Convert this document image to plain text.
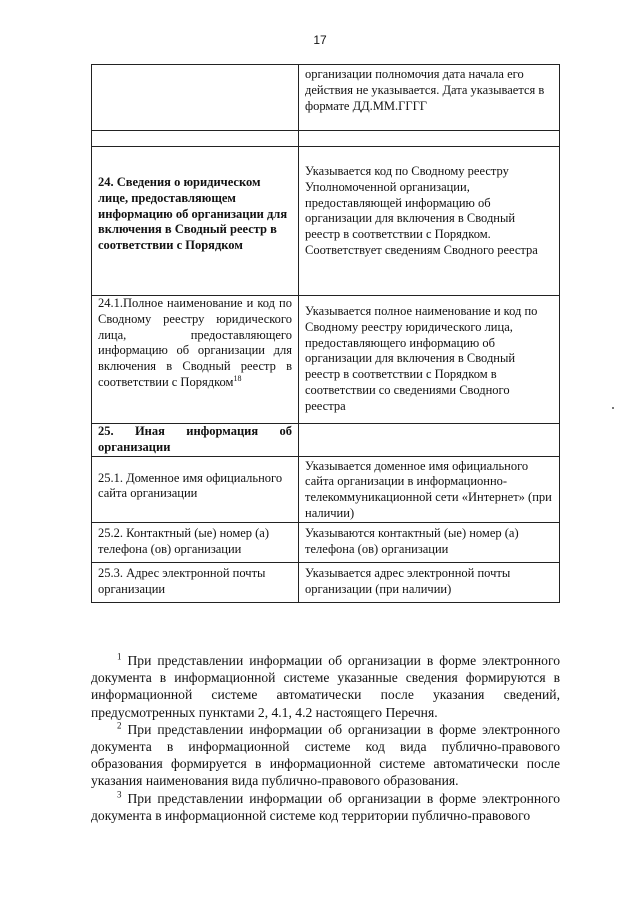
17

	организации полномочия дата начала его действия не указывается. Дата указывается в формате ДД.ММ.ГГГГ

24. Сведения о юридическом лице, предоставляющем информацию об организации для включения в Сводный реестр в соответствии с Порядком	Указывается код по Сводному реестру Уполномоченной организации, предоставляющей информацию об организации для включения в Сводный реестр в соответствии с Порядком. Соответствует сведениям Сводного реестра

24.1.Полное наименование и код по Сводному реестру юридического лица, предоставляющего информацию об организации для включения в Сводный реестр в соответствии с Порядком$^{18}$	Указывается полное наименование и код по Сводному реестру юридического лица, предоставляющего информацию об организации для включения в Сводный реестр в соответствии с Порядком в соответствии со сведениями Сводного реестра

25. Иная информация об организации	

25.1. Доменное имя официального сайта организации	Указывается доменное имя официального сайта организации в информационно-телекоммуникационной сети «Интернет» (при наличии)

25.2. Контактный (ые) номер (а) телефона (ов) организации	Указываются контактный (ые) номер (а) телефона (ов) организации

25.3. Адрес электронной почты организации	Указывается адрес электронной почты организации (при наличии)

$^1$ При представлении информации об организации в форме электронного документа в информационной системе указанные сведения формируются в информационной системе автоматически после указания сведений, предусмотренных пунктами 2, 4.1, 4.2 настоящего Перечня.

$^2$ При представлении информации об организации в форме электронного документа в информационной системе код вида публично-правового образования формируется в информационной системе автоматически после указания наименования вида публично-правового образования.

$^3$ При представлении информации об организации в форме электронного документа в информационной системе код территории публично-правового
